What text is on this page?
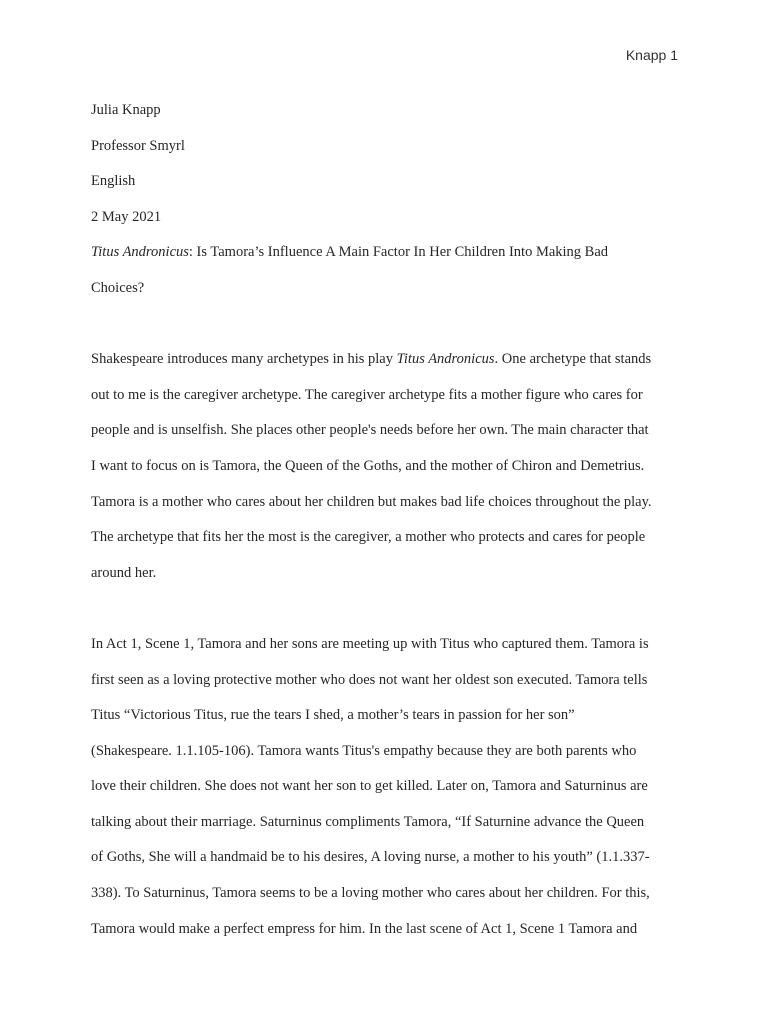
Knapp 1
Julia Knapp
Professor Smyrl
English
2 May 2021
Titus Andronicus: Is Tamora’s Influence A Main Factor In Her Children Into Making Bad
Choices?
Shakespeare introduces many archetypes in his play Titus Andronicus. One archetype that stands
out to me is the caregiver archetype. The caregiver archetype fits a mother figure who cares for
people and is unselfish. She places other people's needs before her own. The main character that
I want to focus on is Tamora, the Queen of the Goths, and the mother of Chiron and Demetrius.
Tamora is a mother who cares about her children but makes bad life choices throughout the play.
The archetype that fits her the most is the caregiver, a mother who protects and cares for people
around her.
In Act 1, Scene 1, Tamora and her sons are meeting up with Titus who captured them. Tamora is
first seen as a loving protective mother who does not want her oldest son executed. Tamora tells
Titus “Victorious Titus, rue the tears I shed, a mother’s tears in passion for her son”
(Shakespeare. 1.1.105-106). Tamora wants Titus's empathy because they are both parents who
love their children. She does not want her son to get killed. Later on, Tamora and Saturninus are
talking about their marriage. Saturninus compliments Tamora, “If Saturnine advance the Queen
of Goths, She will a handmaid be to his desires, A loving nurse, a mother to his youth” (1.1.337-
338). To Saturninus, Tamora seems to be a loving mother who cares about her children. For this,
Tamora would make a perfect empress for him. In the last scene of Act 1, Scene 1 Tamora and
